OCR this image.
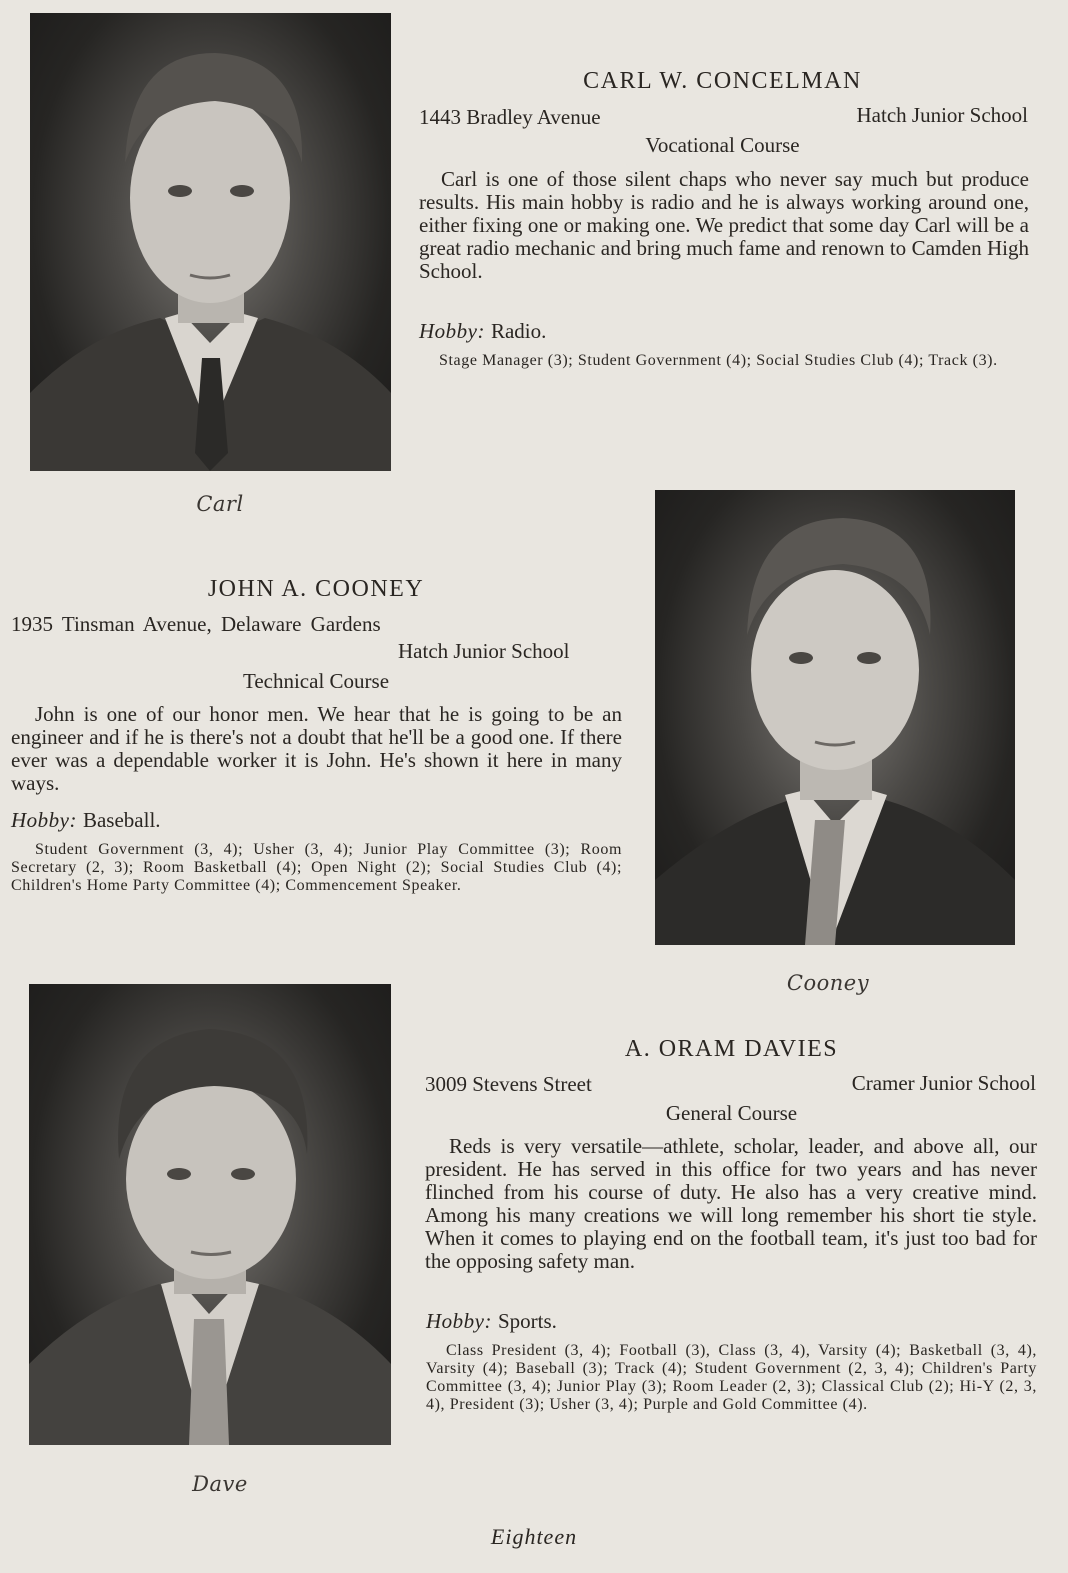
Carl
CARL W. CONCELMAN
1443 Bradley Avenue	Hatch Junior School
Vocational Course
Carl is one of those silent chaps who never say much but produce results. His main hobby is radio and he is always working around one, either fixing one or making one. We predict that some day Carl will be a great radio mechanic and bring much fame and renown to Camden High School.
Hobby: Radio.
Stage Manager (3); Student Government (4); Social Studies Club (4); Track (3).
JOHN A. COONEY
1935 Tinsman Avenue, Delaware Gardens
Hatch Junior School
Technical Course
John is one of our honor men. We hear that he is going to be an engineer and if he is there's not a doubt that he'll be a good one. If there ever was a dependable worker it is John. He's shown it here in many ways.
Hobby: Baseball.
Student Government (3, 4); Usher (3, 4); Junior Play Committee (3); Room Secretary (2, 3); Room Basketball (4); Open Night (2); Social Studies Club (4); Children's Home Party Committee (4); Commencement Speaker.
Cooney
Dave
A. ORAM DAVIES
3009 Stevens Street	Cramer Junior School
General Course
Reds is very versatile—athlete, scholar, leader, and above all, our president. He has served in this office for two years and has never flinched from his course of duty. He also has a very creative mind. Among his many creations we will long remember his short tie style. When it comes to playing end on the football team, it's just too bad for the opposing safety man.
Hobby: Sports.
Class President (3, 4); Football (3), Class (3, 4), Varsity (4); Basketball (3, 4), Varsity (4); Baseball (3); Track (4); Student Government (2, 3, 4); Children's Party Committee (3, 4); Junior Play (3); Room Leader (2, 3); Classical Club (2); Hi-Y (2, 3, 4), President (3); Usher (3, 4); Purple and Gold Committee (4).
Eighteen
